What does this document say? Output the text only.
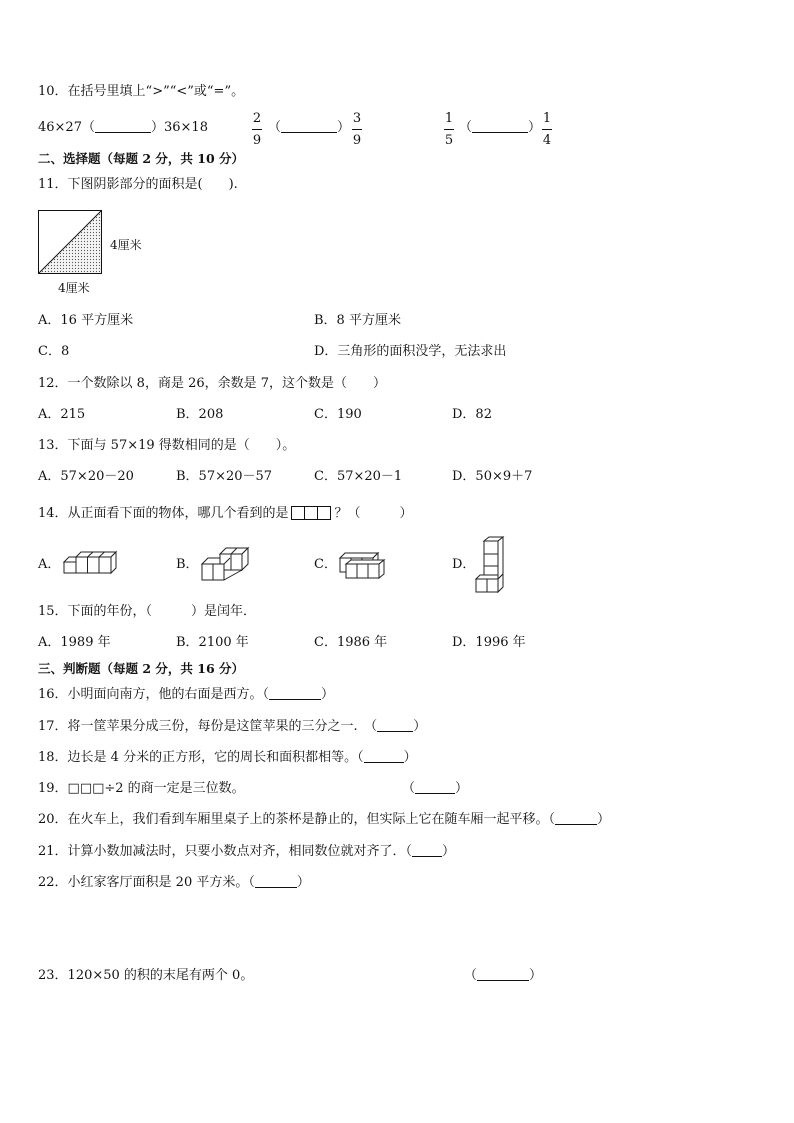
10．在括号里填上“>”“<”或“=”。
46×27（	）36×18
2
9
（	）
3
9
1
5
（	）
1
4
二、选择题（每题 2 分，共 10 分）
11．下图阴影部分的面积是(　　).
4厘米
4厘米
A．16 平方厘米	B．8 平方厘米
C．8	D．三角形的面积没学，无法求出
12．一个数除以 8，商是 26，余数是 7，这个数是（　　）
A．215	B．208	C．190	D．82
13．下面与 57×19 得数相同的是（　　）。
A．57×20－20	B．57×20－57	C．57×20－1	D．50×9＋7
14．从正面看下面的物体，哪几个看到的是	？（　　　）
A．	B．	C．	D．
15．下面的年份，（　　　）是闰年．
A．1989 年	B．2100 年	C．1986 年	D．1996 年
三、判断题（每题 2 分，共 16 分）
16．小明面向南方，他的右面是西方。（	）
17．将一筐苹果分成三份，每份是这筐苹果的三分之一.　（	）
18．边长是 4 分米的正方形，它的周长和面积都相等。（	）
19．□□□÷2 的商一定是三位数。	（	）
20．在火车上，我们看到车厢里桌子上的茶杯是静止的，但实际上它在随车厢一起平移。（	）
21．计算小数加减法时，只要小数点对齐，相同数位就对齐了．（ ）
22．小红家客厅面积是 20 平方米。（	）
23．120×50 的积的末尾有两个 0。	（	）
